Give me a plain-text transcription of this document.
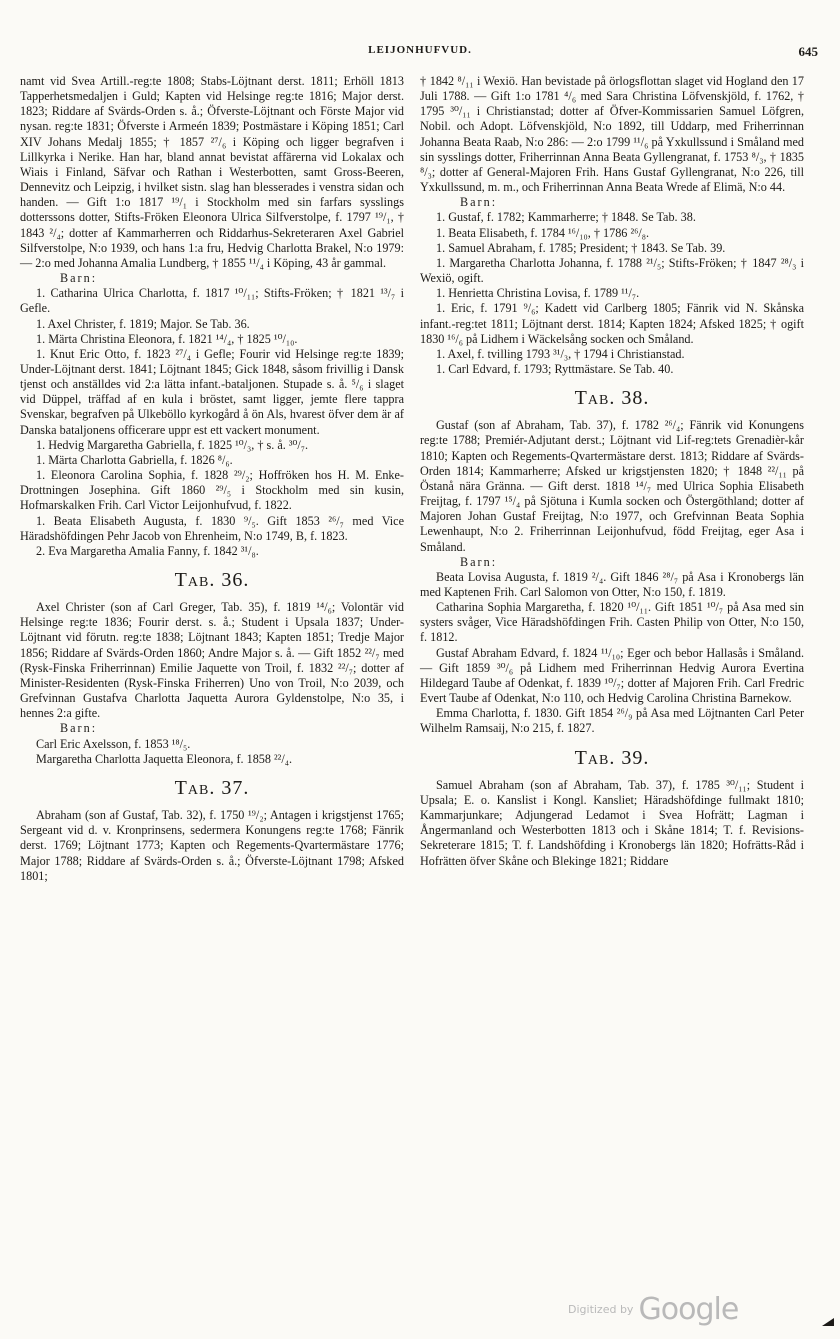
LEIJONHUFVUD.	645

namt vid Svea Artill.-reg:te 1808; Stabs-Löjtnant derst. 1811; Erhöll 1813 Tapperhetsmedaljen i Guld; Kapten vid Helsinge reg:te 1816; Major derst. 1823; Riddare af Svärds-Orden s. å.; Öfverste-Löjtnant och Förste Major vid nysan. reg:te 1831; Öfverste i Armeén 1839; Postmästare i Köping 1851; Carl XIV Johans Medalj 1855; † 1857 ²⁷/₆ i Köping och ligger begrafven i Lillkyrka i Nerike. Han har, bland annat bevistat affärerna vid Lokalax och Wiais i Finland, Säfvar och Rathan i Westerbotten, samt Gross-Beeren, Dennevitz och Leipzig, i hvilket sistn. slag han blesserades i venstra sidan och handen. — Gift 1:o 1817 ¹⁹/₁ i Stockholm med sin farfars sysslings dotterssons dotter, Stifts-Fröken Eleonora Ulrica Silfverstolpe, f. 1797 ¹⁹/₁, † 1843 ²/₄; dotter af Kammarherren och Riddarhus-Sekreteraren Axel Gabriel Silfverstolpe, N:o 1939, och hans 1:a fru, Hedvig Charlotta Brakel, N:o 1979: — 2:o med Johanna Amalia Lundberg, † 1855 ¹¹/₄ i Köping, 43 år gammal.

Barn:

1. Catharina Ulrica Charlotta, f. 1817 ¹⁰/₁₁; Stifts-Fröken; † 1821 ¹³/₇ i Gefle.

1. Axel Christer, f. 1819; Major. Se Tab. 36.

1. Märta Christina Eleonora, f. 1821 ¹⁴/₄, † 1825 ¹⁰/₁₀.

1. Knut Eric Otto, f. 1823 ²⁷/₄ i Gefle; Fourir vid Helsinge reg:te 1839; Under-Löjtnant derst. 1841; Löjtnant 1845; Gick 1848, såsom frivillig i Dansk tjenst och anställdes vid 2:a lätta infant.-bataljonen. Stupade s. å. ⁵/₆ i slaget vid Düppel, träffad af en kula i bröstet, samt ligger, jemte flere tappra Svenskar, begrafven på Ulkeböllo kyrkogård å ön Als, hvarest öfver dem är af Danska bataljonens officerare uppr est ett vackert monument.

1. Hedvig Margaretha Gabriella, f. 1825 ¹⁰/₃, † s. å. ³⁰/₇.

1. Märta Charlotta Gabriella, f. 1826 ⁸/₆.

1. Eleonora Carolina Sophia, f. 1828 ²⁹/₂; Hoffröken hos H. M. Enke-Drottningen Josephina. Gift 1860 ²⁹/₅ i Stockholm med sin kusin, Hofmarskalken Frih. Carl Victor Leijonhufvud, f. 1822.

1. Beata Elisabeth Augusta, f. 1830 ⁹/₅. Gift 1853 ²⁶/₇ med Vice Häradshöfdingen Pehr Jacob von Ehrenheim, N:o 1749, B, f. 1823.

2. Eva Margaretha Amalia Fanny, f. 1842 ³¹/₈.

Tab. 36.

Axel Christer (son af Carl Greger, Tab. 35), f. 1819 ¹⁴/₆; Volontär vid Helsinge reg:te 1836; Fourir derst. s. å.; Student i Upsala 1837; Under-Löjtnant vid förutn. reg:te 1838; Löjtnant 1843; Kapten 1851; Tredje Major 1856; Riddare af Svärds-Orden 1860; Andre Major s. å. — Gift 1852 ²²/₇ med (Rysk-Finska Friherrinnan) Emilie Jaquette von Troil, f. 1832 ²²/₇; dotter af Minister-Residenten (Rysk-Finska Friherren) Uno von Troil, N:o 2039, och Grefvinnan Gustafva Charlotta Jaquetta Aurora Gyldenstolpe, N:o 35, i hennes 2:a gifte.

Barn:

Carl Eric Axelsson, f. 1853 ¹⁸/₅.

Margaretha Charlotta Jaquetta Eleonora, f. 1858 ²²/₄.

Tab. 37.

Abraham (son af Gustaf, Tab. 32), f. 1750 ¹⁹/₂; Antagen i krigstjenst 1765; Sergeant vid d. v. Kronprinsens, sedermera Konungens reg:te 1768; Fänrik derst. 1769; Löjtnant 1773; Kapten och Regements-Qvartermästare 1776; Major 1788; Riddare af Svärds-Orden s. å.; Öfverste-Löjtnant 1798; Afsked 1801;

† 1842 ⁸/₁₁ i Wexiö. Han bevistade på örlogsflottan slaget vid Hogland den 17 Juli 1788. — Gift 1:o 1781 ⁴/₆ med Sara Christina Löfvenskjöld, f. 1762, † 1795 ³⁰/₁₁ i Christianstad; dotter af Öfver-Kommissarien Samuel Löfgren, Nobil. och Adopt. Löfvenskjöld, N:o 1892, till Uddarp, med Friherrinnan Johanna Beata Raab, N:o 286: — 2:o 1799 ¹¹/₆ på Yxkullssund i Småland med sin sysslings dotter, Friherrinnan Anna Beata Gyllengranat, f. 1753 ⁸/₃, † 1835 ⁸/₃; dotter af General-Majoren Frih. Hans Gustaf Gyllengranat, N:o 226, till Yxkullssund, m. m., och Friherrinnan Anna Beata Wrede af Elimä, N:o 44.

Barn:

1. Gustaf, f. 1782; Kammarherre; † 1848. Se Tab. 38.

1. Beata Elisabeth, f. 1784 ¹⁶/₁₀, † 1786 ²⁶/₈.

1. Samuel Abraham, f. 1785; President; † 1843. Se Tab. 39.

1. Margaretha Charlotta Johanna, f. 1788 ²¹/₅; Stifts-Fröken; † 1847 ²⁸/₃ i Wexiö, ogift.

1. Henrietta Christina Lovisa, f. 1789 ¹¹/₇.

1. Eric, f. 1791 ⁹/₆; Kadett vid Carlberg 1805; Fänrik vid N. Skånska infant.-reg:tet 1811; Löjtnant derst. 1814; Kapten 1824; Afsked 1825; † ogift 1830 ¹⁶/₆ på Lidhem i Wäckelsång socken och Småland.

1. Axel, f. tvilling 1793 ³¹/₃, † 1794 i Christianstad.

1. Carl Edvard, f. 1793; Ryttmästare. Se Tab. 40.

Tab. 38.

Gustaf (son af Abraham, Tab. 37), f. 1782 ²⁶/₄; Fänrik vid Konungens reg:te 1788; Premiér-Adjutant derst.; Löjtnant vid Lif-reg:tets Grenadièr-kår 1810; Kapten och Regements-Qvartermästare derst. 1813; Riddare af Svärds-Orden 1814; Kammarherre; Afsked ur krigstjensten 1820; † 1848 ²²/₁₁ på Östanå nära Gränna. — Gift derst. 1818 ¹⁴/₇ med Ulrica Sophia Elisabeth Freijtag, f. 1797 ¹⁵/₄ på Sjötuna i Kumla socken och Östergöthland; dotter af Majoren Johan Gustaf Freijtag, N:o 1977, och Grefvinnan Beata Sophia Lewenhaupt, N:o 2. Friherrinnan Leijonhufvud, född Freijtag, eger Asa i Småland.

Barn:

Beata Lovisa Augusta, f. 1819 ²/₄. Gift 1846 ²⁸/₇ på Asa i Kronobergs län med Kaptenen Frih. Carl Salomon von Otter, N:o 150, f. 1819.

Catharina Sophia Margaretha, f. 1820 ¹⁰/₁₁. Gift 1851 ¹⁰/₇ på Asa med sin systers svåger, Vice Häradshöfdingen Frih. Casten Philip von Otter, N:o 150, f. 1812.

Gustaf Abraham Edvard, f. 1824 ¹¹/₁₀; Eger och bebor Hallasås i Småland. — Gift 1859 ³⁰/₆ på Lidhem med Friherrinnan Hedvig Aurora Evertina Hildegard Taube af Odenkat, f. 1839 ¹⁰/₇; dotter af Majoren Frih. Carl Fredric Evert Taube af Odenkat, N:o 110, och Hedvig Carolina Christina Barnekow.

Emma Charlotta, f. 1830. Gift 1854 ²⁶/₉ på Asa med Löjtnanten Carl Peter Wilhelm Ramsaij, N:o 215, f. 1827.

Tab. 39.

Samuel Abraham (son af Abraham, Tab. 37), f. 1785 ³⁰/₁₁; Student i Upsala; E. o. Kanslist i Kongl. Kansliet; Häradshöfdinge fullmakt 1810; Kammarjunkare; Adjungerad Ledamot i Svea Hofrätt; Lagman i Ångermanland och Westerbotten 1813 och i Skåne 1814; T. f. Revisions-Sekreterare 1815; T. f. Landshöfding i Kronobergs län 1820; Hofrätts-Råd i Hofrätten öfver Skåne och Blekinge 1821; Riddare

Digitized by Google
